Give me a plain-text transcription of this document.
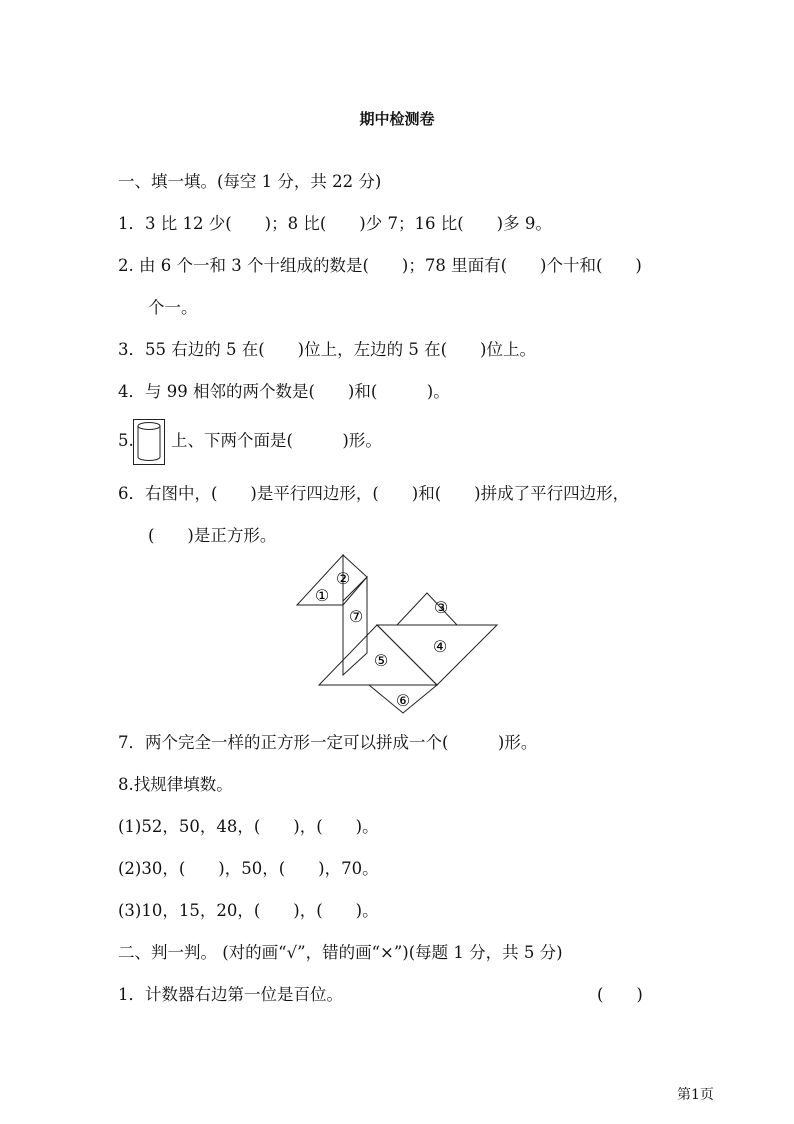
期中检测卷
一、填一填。(每空 1 分，共 22 分)
1．3 比 12 少(　　)；8 比(　　)少 7；16 比(　　)多 9。
2. 由 6 个一和 3 个十组成的数是(　　)；78 里面有(　　)个十和(　　)
个一。
3．55 右边的 5 在(　　)位上，左边的 5 在(　　)位上。
4．与 99 相邻的两个数是(　　)和(　　　)。
5. 上、下两个面是(　　　)形。
6．右图中，(　　)是平行四边形，(　　)和(　　)拼成了平行四边形，
(　　)是正方形。
②
①
⑦	③
④
⑤
⑥
7．两个完全一样的正方形一定可以拼成一个(　　　)形。
8.找规律填数。
(1)52，50，48，(　　)，(　　)。
(2)30，(　　)，50，(　　)，70。
(3)10，15，20，(　　)，(　　)。
二、判一判。 (对的画“√”，错的画“×”)(每题 1 分，共 5 分)
1．计数器右边第一位是百位。	(　　)
第1页
